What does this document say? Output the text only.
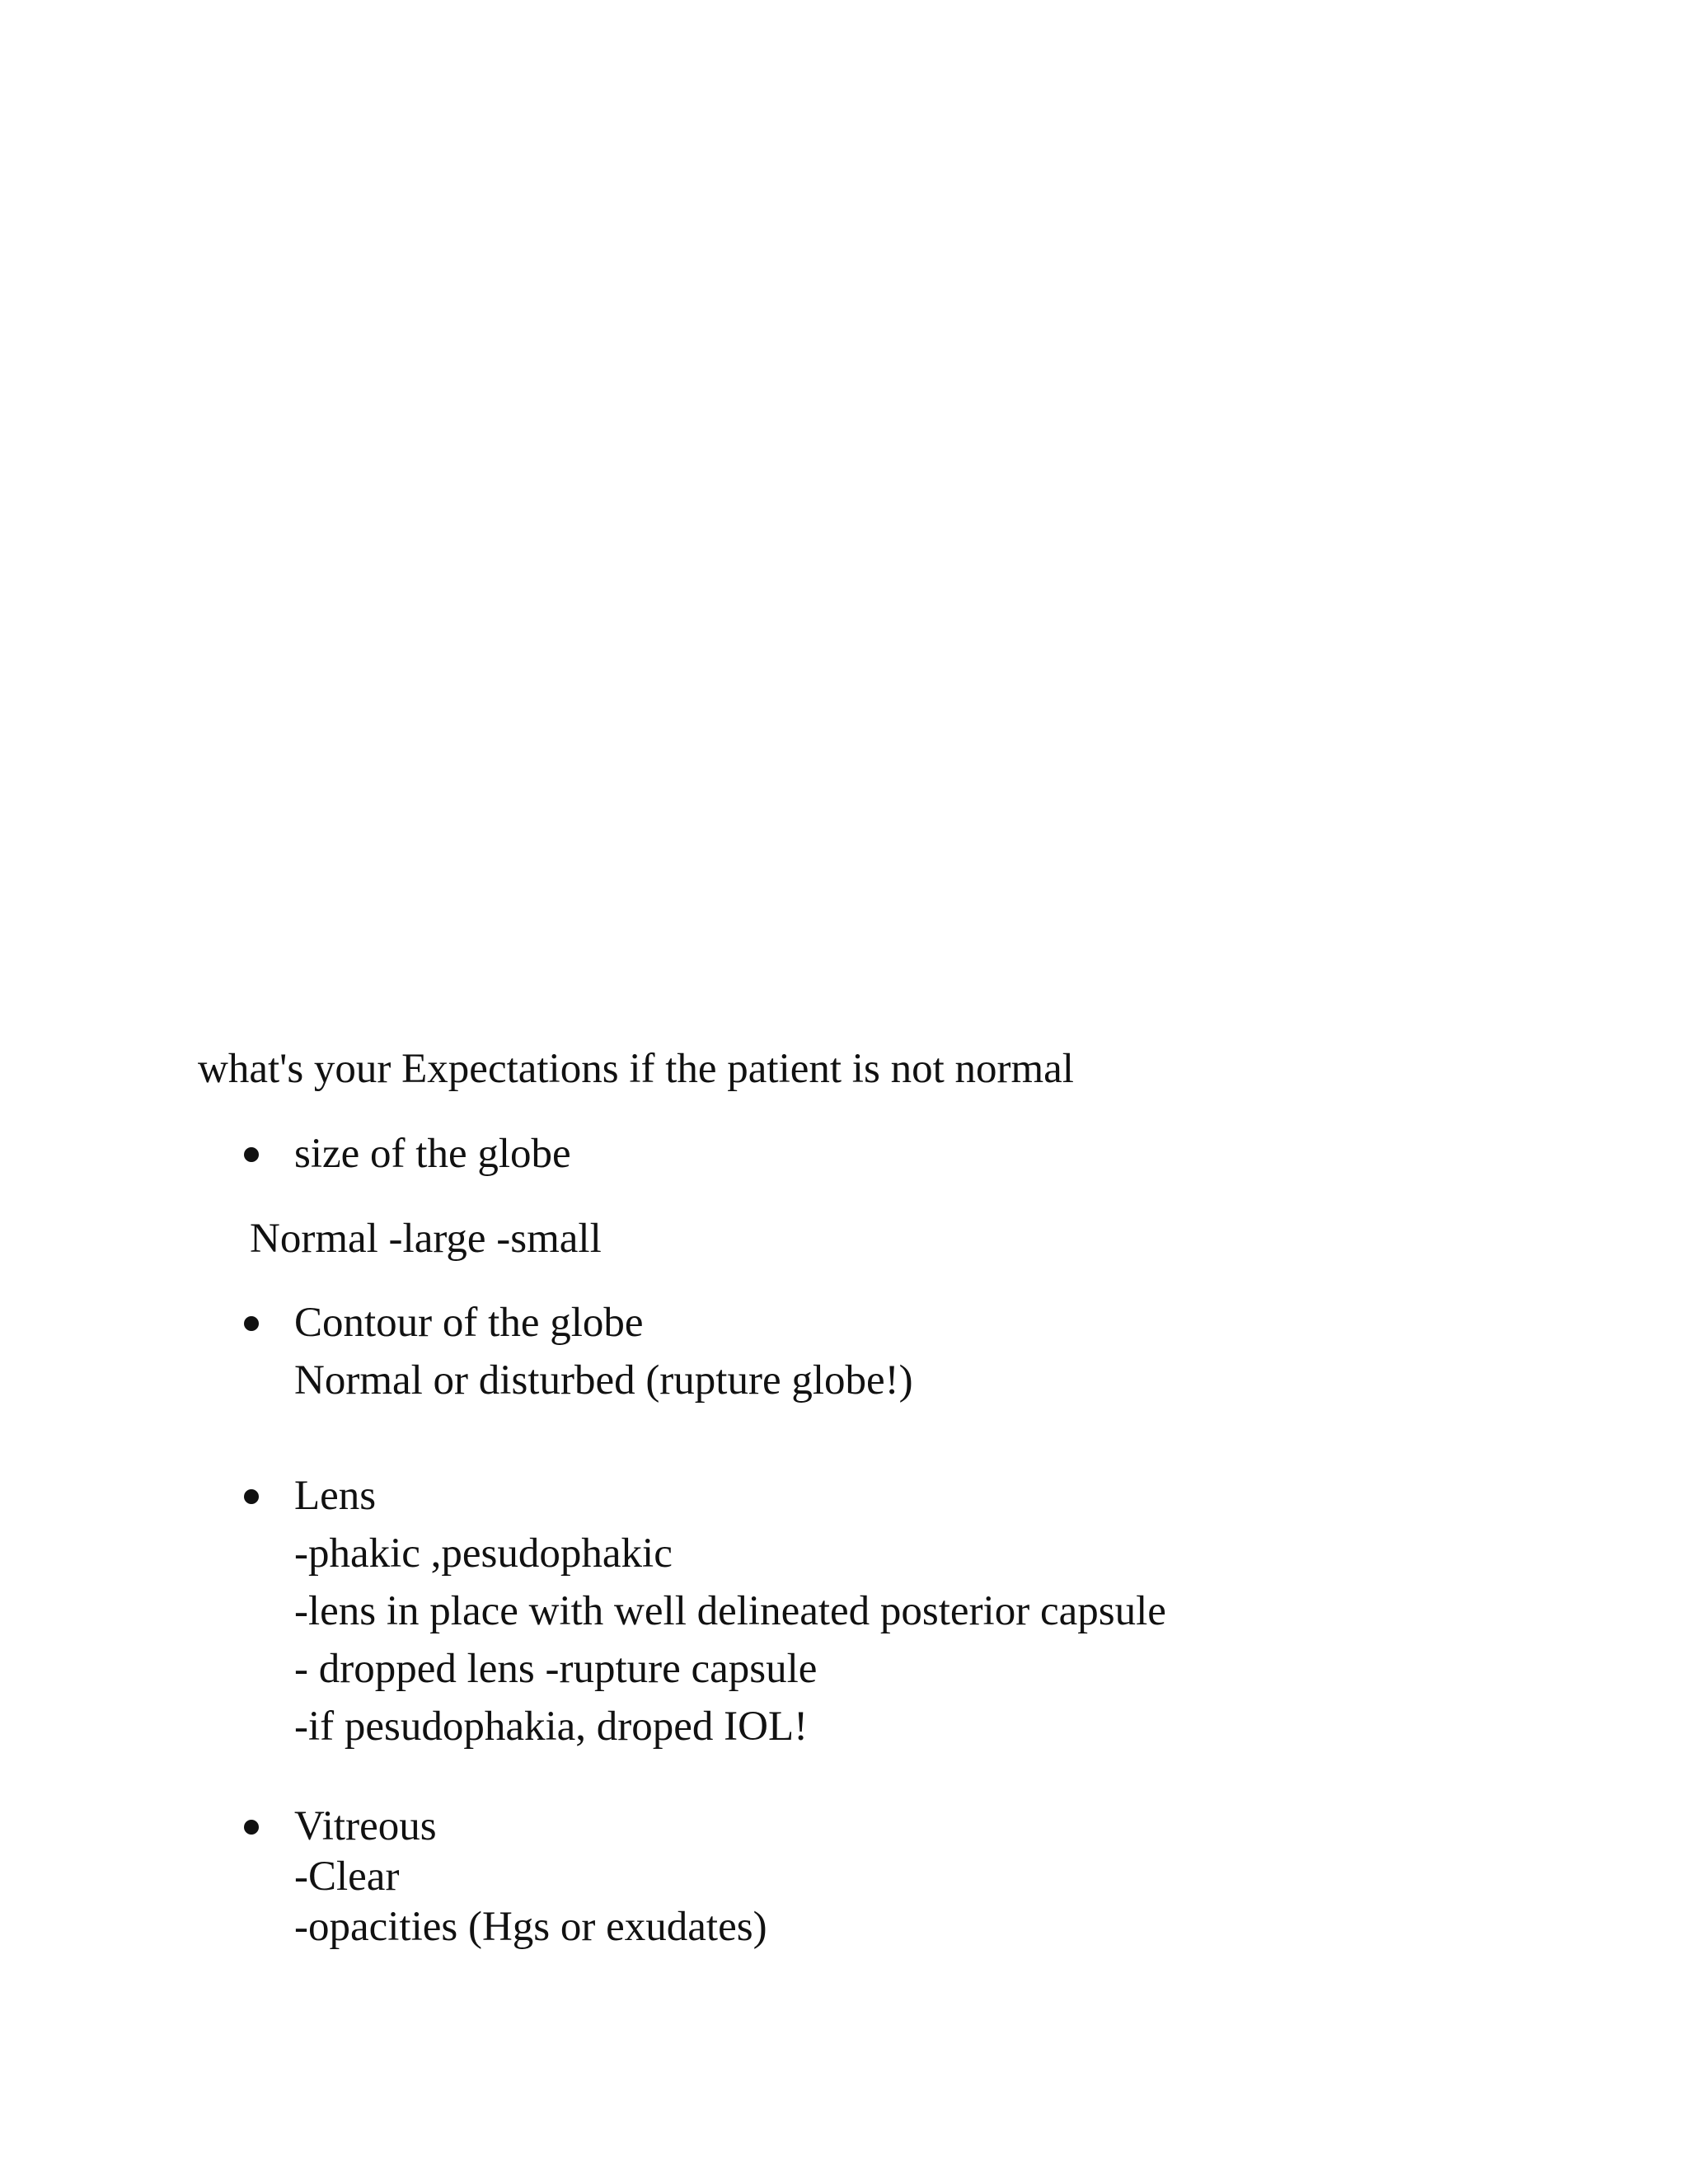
what's your Expectations if the patient is not normal
size of the globe
Normal -large -small
Contour of the globe
Normal or disturbed (rupture globe!)
Lens
-phakic ,pesudophakic
-lens in place with well delineated posterior capsule
- dropped lens -rupture capsule
-if pesudophakia, droped IOL!
Vitreous
-Clear
-opacities (Hgs or exudates)
